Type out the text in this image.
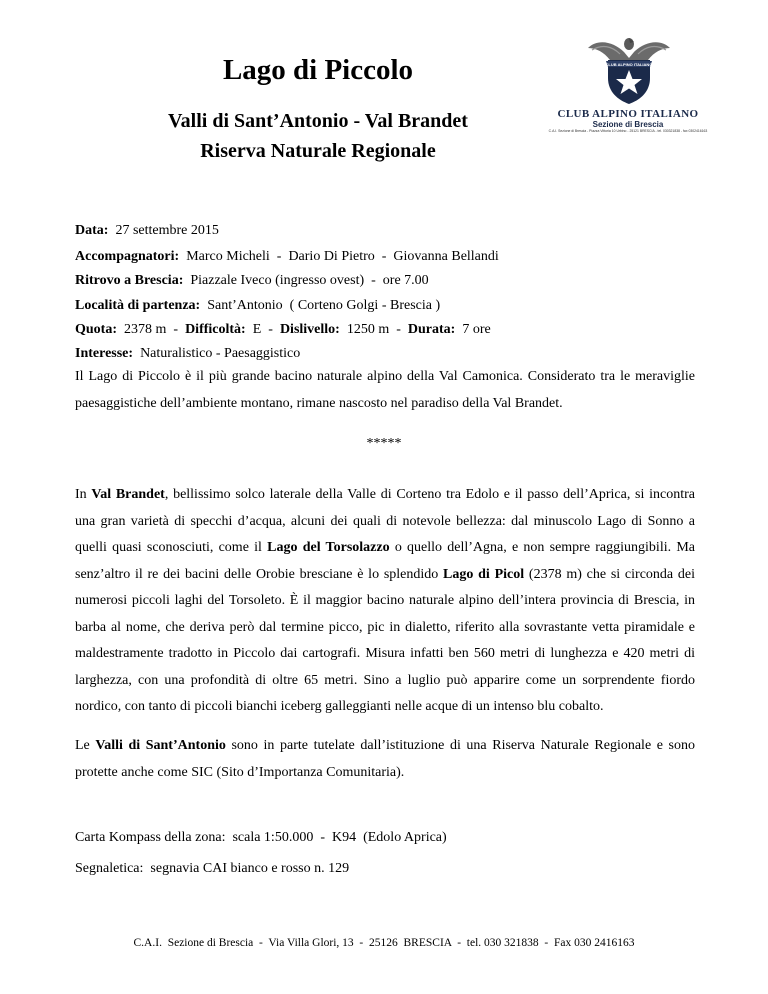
Lago di Piccolo
Valli di Sant’Antonio - Val Brandet
Riserva Naturale Regionale
CLUB ALPINO ITALIANO
CLUB ALPINO ITALIANO
Sezione di Brescia
C.A.I. Sezione di Brescia - Piazza Vittoria 10 Urbino - 25121 BRESCIA - tel. 030321838 - fax 0302416163
Data: 27 settembre 2015
Accompagnatori: Marco Micheli  -  Dario Di Pietro  -  Giovanna Bellandi
Ritrovo a Brescia: Piazzale Iveco (ingresso ovest)  -  ore 7.00
Località di partenza: Sant’Antonio  ( Corteno Golgi - Brescia )
Quota: 2378 m  - Difficoltà: E  - Dislivello: 1250 m  - Durata: 7 ore
Interesse: Naturalistico - Paesaggistico

Il Lago di Piccolo è il più grande bacino naturale alpino della Val Camonica. Considerato tra le meraviglie paesaggistiche dell’ambiente montano, rimane nascosto nel paradiso della Val Brandet.

*****

In Val Brandet, bellissimo solco laterale della Valle di Corteno tra Edolo e il passo dell’Aprica, si incontra una gran varietà di specchi d’acqua, alcuni dei quali di notevole bellezza: dal minuscolo Lago di Sonno a quelli quasi sconosciuti, come il Lago del Torsolazzo o quello dell’Agna, e non sempre raggiungibili. Ma senz’altro il re dei bacini delle Orobie bresciane è lo splendido Lago di Picol (2378 m) che si circonda dei numerosi piccoli laghi del Torsoleto. È il maggior bacino naturale alpino dell’intera provincia di Brescia, in barba al nome, che deriva però dal termine picco, pic in dialetto, riferito alla sovrastante vetta piramidale e maldestramente tradotto in Piccolo dai cartografi. Misura infatti ben 560 metri di lunghezza e 420 metri di larghezza, con una profondità di oltre 65 metri. Sino a luglio può apparire come un sorprendente fiordo nordico, con tanto di piccoli bianchi iceberg galleggianti nelle acque di un intenso blu cobalto.

Le Valli di Sant’Antonio sono in parte tutelate dall’istituzione di una Riserva Naturale Regionale e sono protette anche come SIC (Sito d’Importanza Comunitaria).

Carta Kompass della zona:  scala 1:50.000  -  K94  (Edolo Aprica)
Segnaletica:  segnavia CAI bianco e rosso n. 129
C.A.I.  Sezione di Brescia  -  Via Villa Glori, 13  -  25126  BRESCIA  -  tel. 030 321838  -  Fax 030 2416163
